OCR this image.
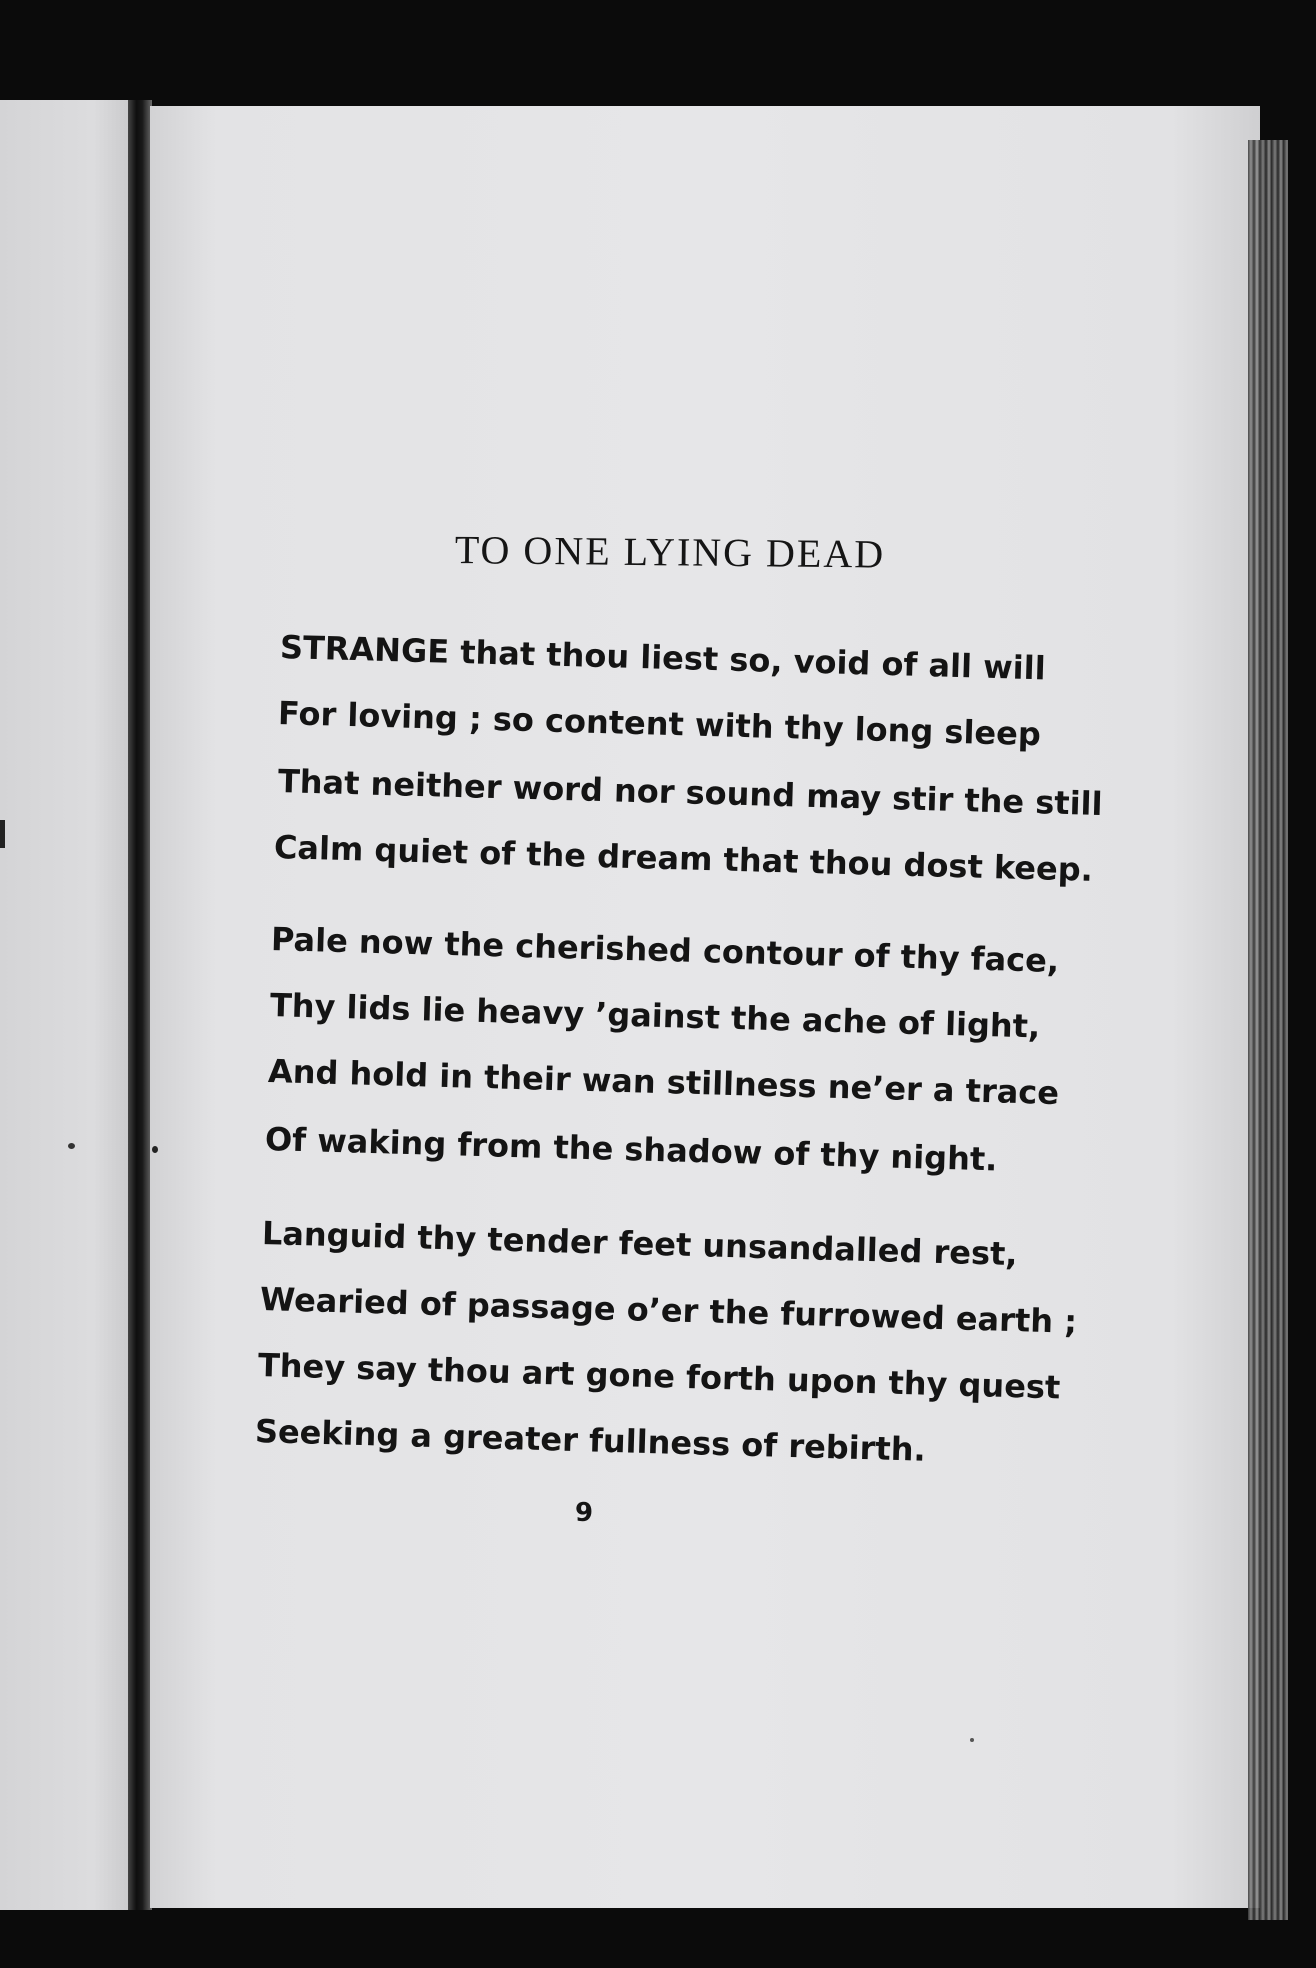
TO ONE LYING DEAD
STRANGE that thou liest so, void of all will
For loving ; so content with thy long sleep
That neither word nor sound may stir the still
Calm quiet of the dream that thou dost keep.
Pale now the cherished contour of thy face,
Thy lids lie heavy ’gainst the ache of light,
And hold in their wan stillness ne’er a trace
Of waking from the shadow of thy night.
Languid thy tender feet unsandalled rest,
Wearied of passage o’er the furrowed earth ;
They say thou art gone forth upon thy quest
Seeking a greater fullness of rebirth.
9
